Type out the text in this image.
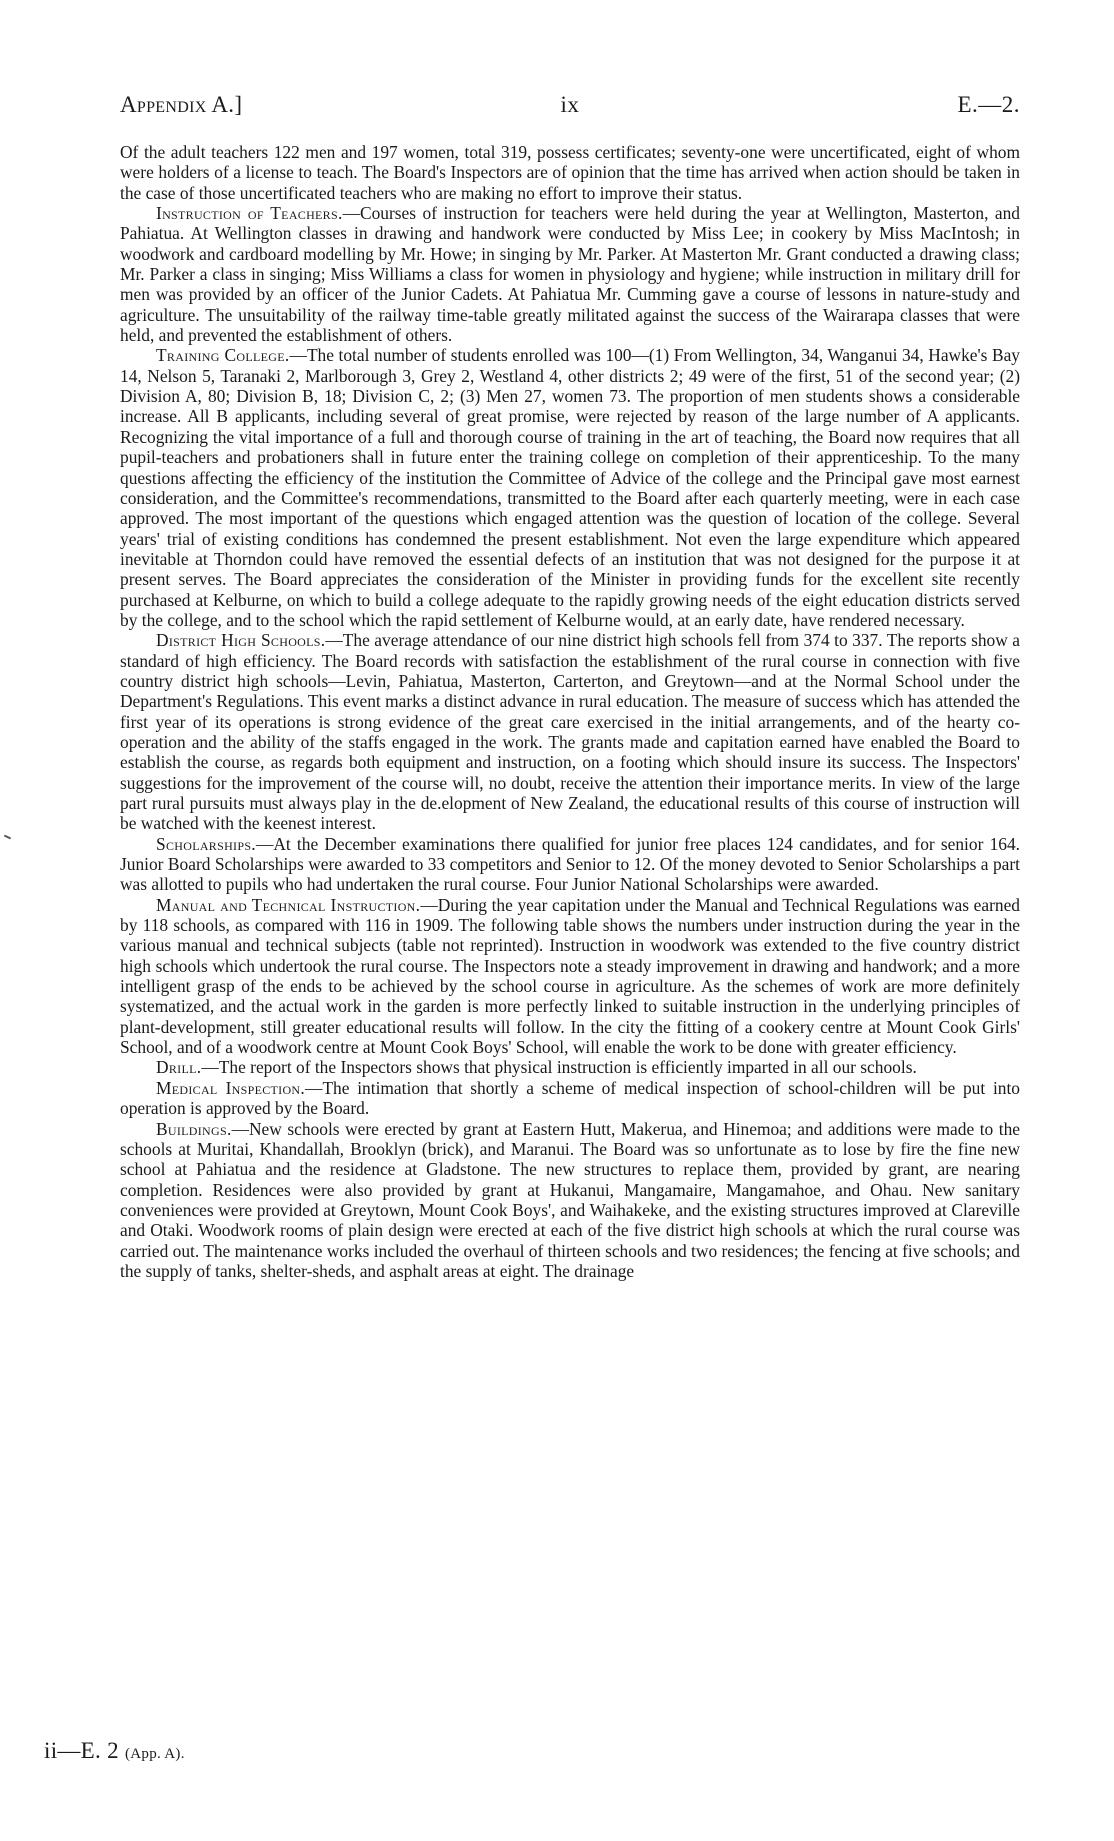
Appendix A.]	ix	E.—2.

Of the adult teachers 122 men and 197 women, total 319, possess certificates; seventy-one were uncertificated, eight of whom were holders of a license to teach. The Board's Inspectors are of opinion that the time has arrived when action should be taken in the case of those uncertificated teachers who are making no effort to improve their status.

Instruction of Teachers.—Courses of instruction for teachers were held during the year at Wellington, Masterton, and Pahiatua. At Wellington classes in drawing and handwork were conducted by Miss Lee; in cookery by Miss MacIntosh; in woodwork and cardboard modelling by Mr. Howe; in singing by Mr. Parker. At Masterton Mr. Grant conducted a drawing class; Mr. Parker a class in singing; Miss Williams a class for women in physiology and hygiene; while instruction in military drill for men was provided by an officer of the Junior Cadets. At Pahiatua Mr. Cumming gave a course of lessons in nature-study and agriculture. The unsuitability of the railway time-table greatly militated against the success of the Wairarapa classes that were held, and prevented the establishment of others.

Training College.—The total number of students enrolled was 100—(1) From Wellington, 34, Wanganui 34, Hawke's Bay 14, Nelson 5, Taranaki 2, Marlborough 3, Grey 2, Westland 4, other districts 2; 49 were of the first, 51 of the second year; (2) Division A, 80; Division B, 18; Division C, 2; (3) Men 27, women 73. The proportion of men students shows a considerable increase. All B applicants, including several of great promise, were rejected by reason of the large number of A applicants. Recognizing the vital importance of a full and thorough course of training in the art of teaching, the Board now requires that all pupil-teachers and probationers shall in future enter the training college on completion of their apprenticeship. To the many questions affecting the efficiency of the institution the Committee of Advice of the college and the Principal gave most earnest consideration, and the Committee's recommendations, transmitted to the Board after each quarterly meeting, were in each case approved. The most important of the questions which engaged attention was the question of location of the college. Several years' trial of existing conditions has condemned the present establishment. Not even the large expenditure which appeared inevitable at Thorndon could have removed the essential defects of an institution that was not designed for the purpose it at present serves. The Board appreciates the consideration of the Minister in providing funds for the excellent site recently purchased at Kelburne, on which to build a college adequate to the rapidly growing needs of the eight education districts served by the college, and to the school which the rapid settlement of Kelburne would, at an early date, have rendered necessary.

District High Schools.—The average attendance of our nine district high schools fell from 374 to 337. The reports show a standard of high efficiency. The Board records with satisfaction the establishment of the rural course in connection with five country district high schools—Levin, Pahiatua, Masterton, Carterton, and Greytown—and at the Normal School under the Department's Regulations. This event marks a distinct advance in rural education. The measure of success which has attended the first year of its operations is strong evidence of the great care exercised in the initial arrangements, and of the hearty co-operation and the ability of the staffs engaged in the work. The grants made and capitation earned have enabled the Board to establish the course, as regards both equipment and instruction, on a footing which should insure its success. The Inspectors' suggestions for the improvement of the course will, no doubt, receive the attention their importance merits. In view of the large part rural pursuits must always play in the de.elopment of New Zealand, the educational results of this course of instruction will be watched with the keenest interest.

Scholarships.—At the December examinations there qualified for junior free places 124 candidates, and for senior 164. Junior Board Scholarships were awarded to 33 competitors and Senior to 12. Of the money devoted to Senior Scholarships a part was allotted to pupils who had undertaken the rural course. Four Junior National Scholarships were awarded.

Manual and Technical Instruction.—During the year capitation under the Manual and Technical Regulations was earned by 118 schools, as compared with 116 in 1909. The following table shows the numbers under instruction during the year in the various manual and technical subjects (table not reprinted). Instruction in woodwork was extended to the five country district high schools which undertook the rural course. The Inspectors note a steady improvement in drawing and handwork; and a more intelligent grasp of the ends to be achieved by the school course in agriculture. As the schemes of work are more definitely systematized, and the actual work in the garden is more perfectly linked to suitable instruction in the underlying principles of plant-development, still greater educational results will follow. In the city the fitting of a cookery centre at Mount Cook Girls' School, and of a woodwork centre at Mount Cook Boys' School, will enable the work to be done with greater efficiency.

Drill.—The report of the Inspectors shows that physical instruction is efficiently imparted in all our schools.

Medical Inspection.—The intimation that shortly a scheme of medical inspection of school-children will be put into operation is approved by the Board.

Buildings.—New schools were erected by grant at Eastern Hutt, Makerua, and Hinemoa; and additions were made to the schools at Muritai, Khandallah, Brooklyn (brick), and Maranui. The Board was so unfortunate as to lose by fire the fine new school at Pahiatua and the residence at Gladstone. The new structures to replace them, provided by grant, are nearing completion. Residences were also provided by grant at Hukanui, Mangamaire, Mangamahoe, and Ohau. New sanitary conveniences were provided at Greytown, Mount Cook Boys', and Waihakeke, and the existing structures improved at Clareville and Otaki. Woodwork rooms of plain design were erected at each of the five district high schools at which the rural course was carried out. The maintenance works included the overhaul of thirteen schools and two residences; the fencing at five schools; and the supply of tanks, shelter-sheds, and asphalt areas at eight. The drainage

ii—E. 2 (App. A).
